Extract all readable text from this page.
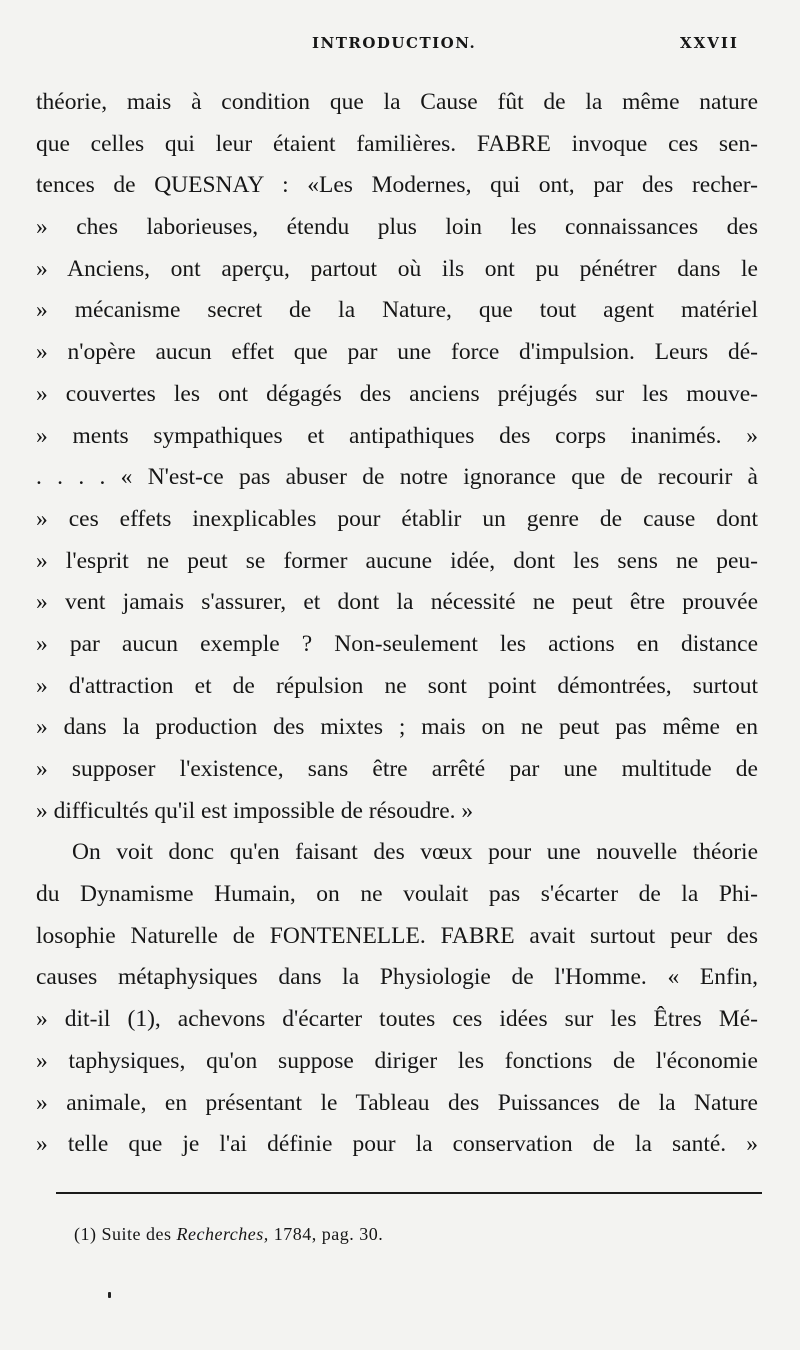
INTRODUCTION.	XXVII
théorie, mais à condition que la Cause fût de la même nature
que celles qui leur étaient familières. FABRE invoque ces sen-
tences de QUESNAY : «Les Modernes, qui ont, par des recher-
» ches laborieuses, étendu plus loin les connaissances des
» Anciens, ont aperçu, partout où ils ont pu pénétrer dans le
» mécanisme secret de la Nature, que tout agent matériel
» n'opère aucun effet que par une force d'impulsion. Leurs dé-
» couvertes les ont dégagés des anciens préjugés sur les mouve-
» ments sympathiques et antipathiques des corps inanimés. »
. . . . « N'est-ce pas abuser de notre ignorance que de recourir à
» ces effets inexplicables pour établir un genre de cause dont
» l'esprit ne peut se former aucune idée, dont les sens ne peu-
» vent jamais s'assurer, et dont la nécessité ne peut être prouvée
» par aucun exemple ? Non-seulement les actions en distance
» d'attraction et de répulsion ne sont point démontrées, surtout
» dans la production des mixtes ; mais on ne peut pas même en
» supposer l'existence, sans être arrêté par une multitude de
» difficultés qu'il est impossible de résoudre. »
On voit donc qu'en faisant des vœux pour une nouvelle théorie
du Dynamisme Humain, on ne voulait pas s'écarter de la Phi-
losophie Naturelle de FONTENELLE. FABRE avait surtout peur des
causes métaphysiques dans la Physiologie de l'Homme. « Enfin,
» dit-il (1), achevons d'écarter toutes ces idées sur les Êtres Mé-
» taphysiques, qu'on suppose diriger les fonctions de l'économie
» animale, en présentant le Tableau des Puissances de la Nature
» telle que je l'ai définie pour la conservation de la santé. »
(1) Suite des Recherches, 1784, pag. 30.
